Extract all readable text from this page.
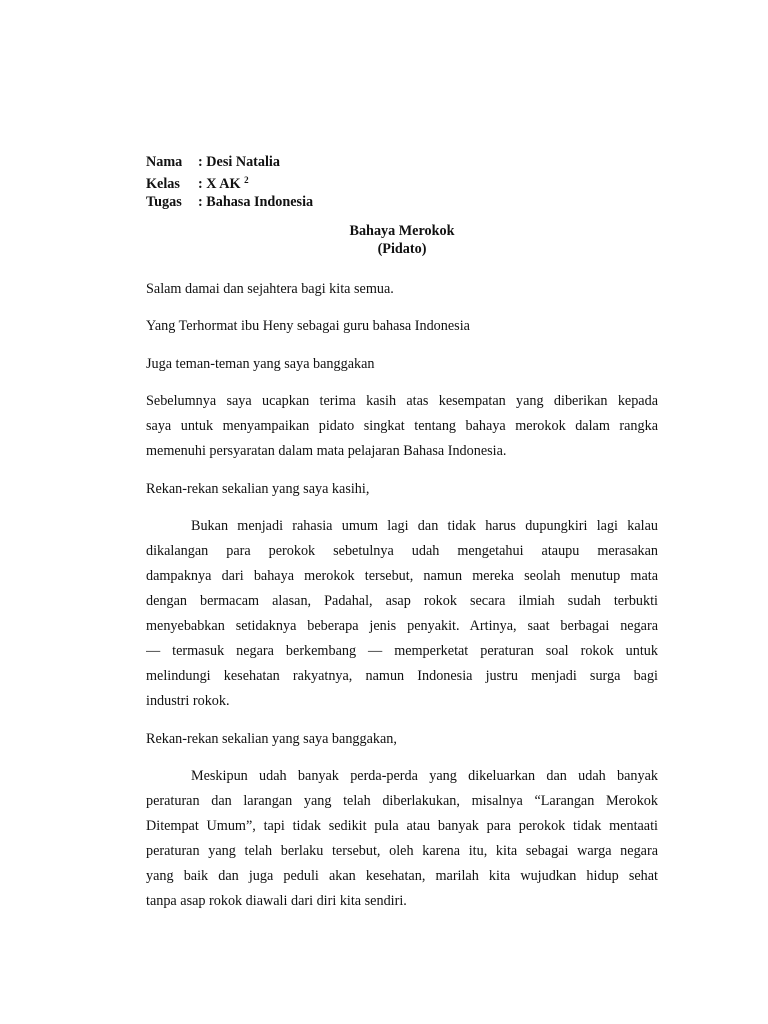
Nama : Desi Natalia
Kelas : X AK $^2$
Tugas : Bahasa Indonesia
Bahaya Merokok
(Pidato)
Salam damai dan sejahtera bagi kita semua.
Yang Terhormat ibu Heny sebagai guru bahasa Indonesia
Juga teman-teman yang saya banggakan
Sebelumnya saya ucapkan terima kasih atas kesempatan yang diberikan kepada
saya untuk menyampaikan pidato singkat tentang bahaya merokok dalam rangka
memenuhi persyaratan dalam mata pelajaran Bahasa Indonesia.
Rekan-rekan sekalian yang saya kasihi,
Bukan menjadi rahasia umum lagi dan tidak harus dupungkiri lagi kalau
dikalangan para perokok sebetulnya udah mengetahui ataupu merasakan
dampaknya dari bahaya merokok tersebut, namun mereka seolah menutup mata
dengan bermacam alasan, Padahal, asap rokok secara ilmiah sudah terbukti
menyebabkan setidaknya beberapa jenis penyakit. Artinya, saat berbagai negara
— termasuk negara berkembang — memperketat peraturan soal rokok untuk
melindungi kesehatan rakyatnya, namun Indonesia justru menjadi surga bagi
industri rokok.
Rekan-rekan sekalian yang saya banggakan,
Meskipun udah banyak perda-perda yang dikeluarkan dan udah banyak
peraturan dan larangan yang telah diberlakukan, misalnya “Larangan Merokok
Ditempat Umum”, tapi tidak sedikit pula atau banyak para perokok tidak mentaati
peraturan yang telah berlaku tersebut, oleh karena itu, kita sebagai warga negara
yang baik dan juga peduli akan kesehatan, marilah kita wujudkan hidup sehat
tanpa asap rokok diawali dari diri kita sendiri.
